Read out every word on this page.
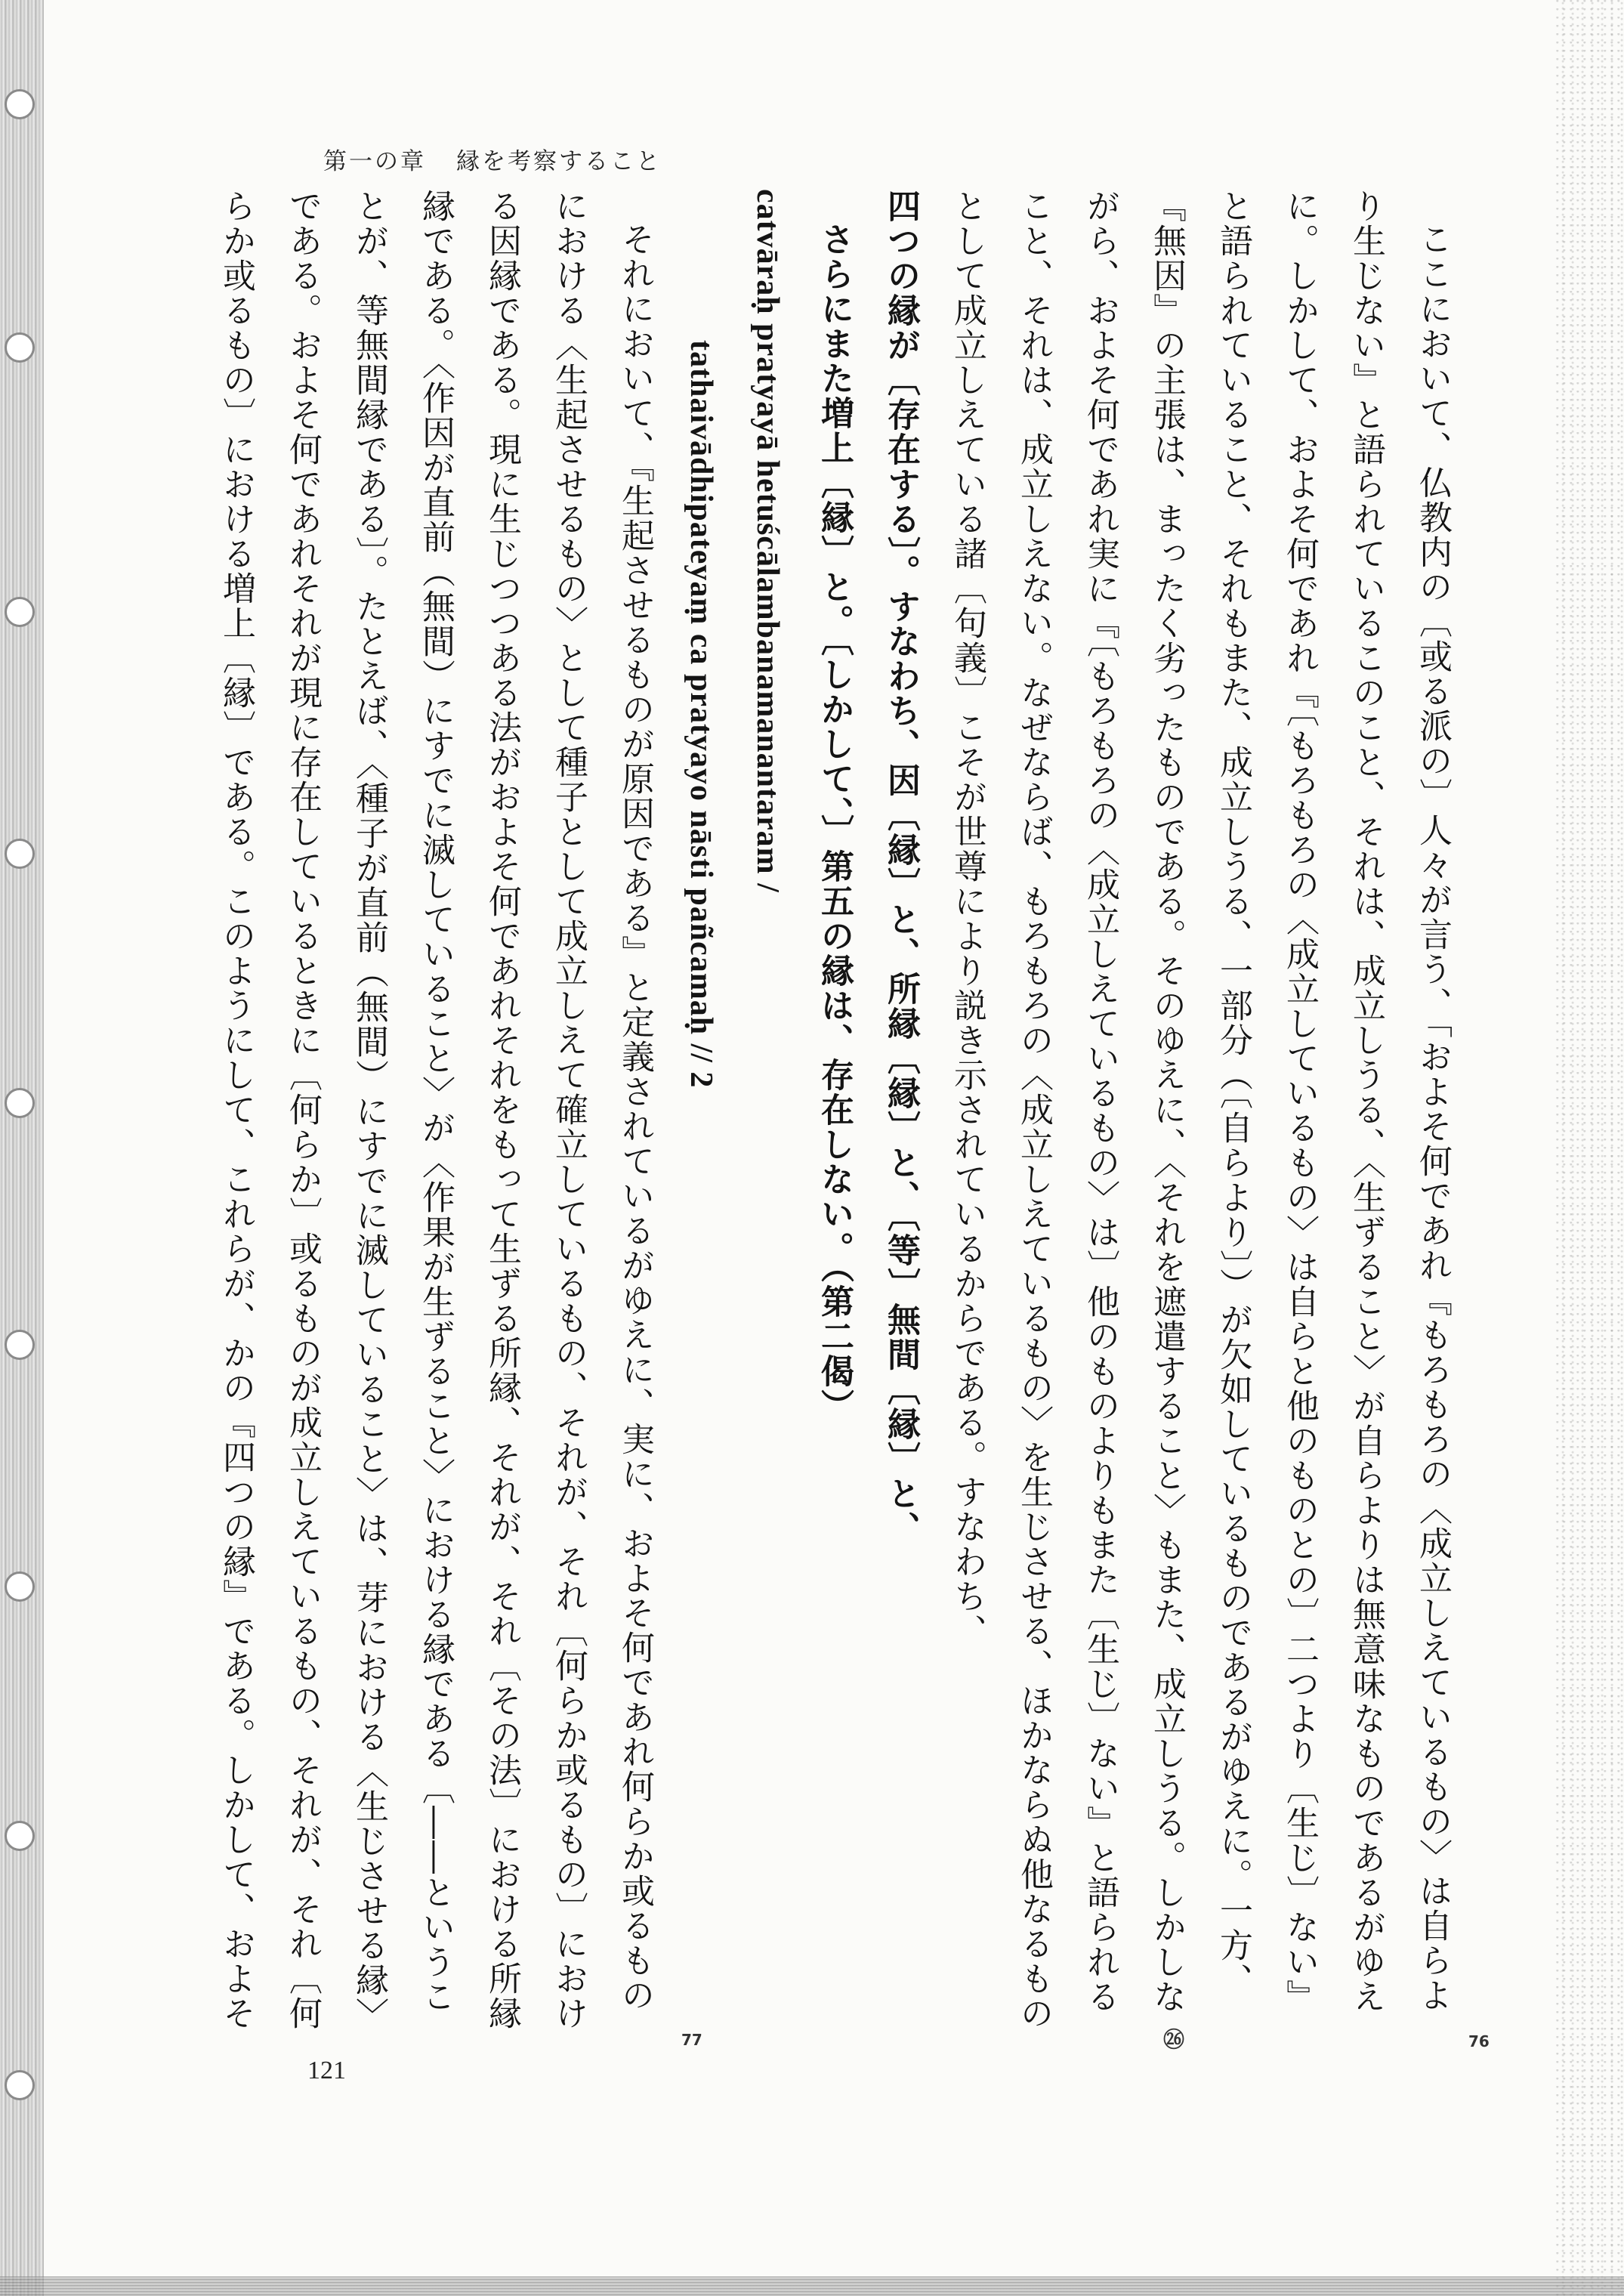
第一の章 縁を考察すること

ここにおいて、仏教内の〔或る派の〕人々が言う、「およそ何であれ『もろもろの〈成立しえているもの〉は自らより生じない』と語られているこのこと、それは、成立しうる、〈生ずること〉が自らよりは無意味なものであるがゆえに。しかして、およそ何であれ『〔もろもろの〈成立しているもの〉は自らと他のものとの〕二つより〔生じ〕ない』と語られていること、それもまた、成立しうる、一部分（〔自らより〕）が欠如しているものであるがゆえに。一方、『無因』の主張は、まったく劣ったものである。そのゆえに、〈それを遮遣すること〉もまた、成立しうる。しかしながら、およそ何であれ実に『〔もろもろの〈成立しえているもの〉は〕他のものよりもまた〔生じ〕ない』と語られること、それは、成立しえない。なぜならば、もろもろの〈成立しえているもの〉を生じさせる、ほかならぬ他なるものとして成立しえている諸〔句義〕こそが世尊により説き示されているからである。すなわち、

四つの縁が〔存在する〕。すなわち、因〔縁〕と、所縁〔縁〕と、〔等〕無間〔縁〕と、

さらにまた増上〔縁〕と。〔しかして、〕第五の縁は、存在しない。（第二偈）

catvāraḥ pratyayā hetuścālambanamanantaram /

tathaivādhipateyaṃ ca pratyayo nāsti pañcamaḥ // 2

それにおいて、『生起させるものが原因である』と定義されているがゆえに、実に、およそ何であれ何らか或るものにおける〈生起させるもの〉として種子として成立しえて確立しているもの、それが、それ〔何らか或るもの〕における因縁である。現に生じつつある法がおよそ何であれそれをもって生ずる所縁、それが、それ〔その法〕における所縁縁である。〈作因が直前（無間）にすでに滅していること〉が〈作果が生ずること〉における縁である〔――ということが、等無間縁である〕。たとえば、〈種子が直前（無間）にすでに滅していること〉は、芽における〈生じさせる縁〉である。およそ何であれそれが現に存在しているときに〔何らか〕或るものが成立しえているもの、それが、それ〔何らか或るもの〕における増上〔縁〕である。このようにして、これらが、かの『四つの縁』である。しかして、およそ

76
㉖
77
121
